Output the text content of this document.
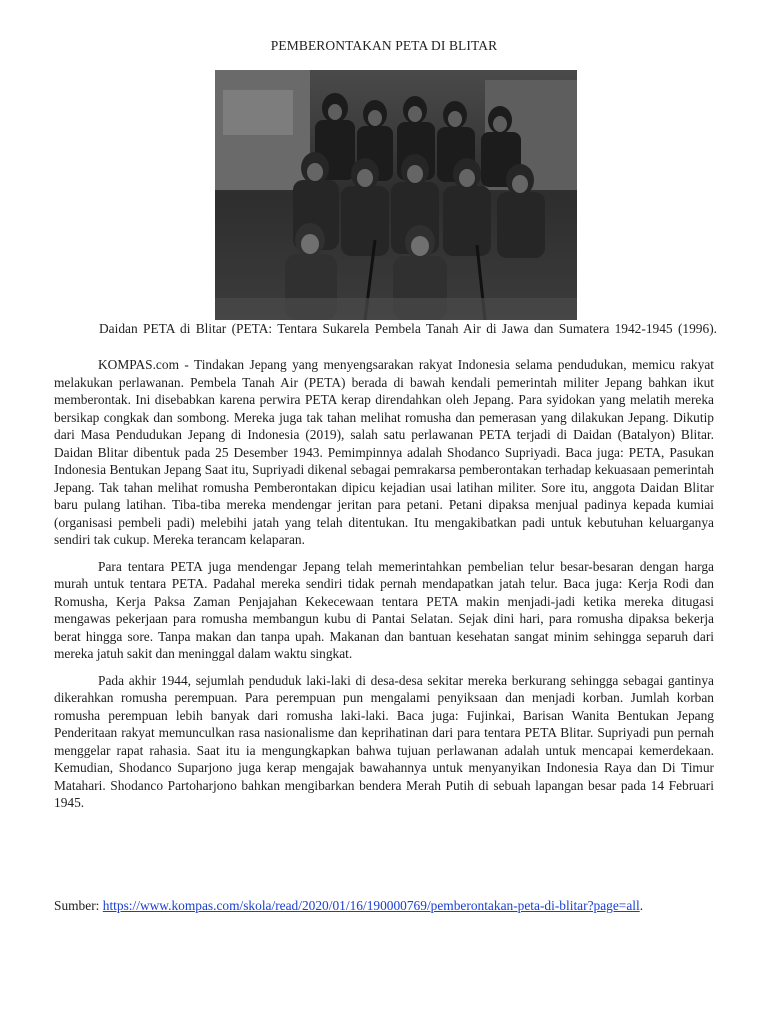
PEMBERONTAKAN PETA DI BLITAR
Daidan PETA di Blitar (PETA: Tentara Sukarela Pembela Tanah Air di Jawa dan Sumatera 1942-1945 (1996).

KOMPAS.com - Tindakan Jepang yang menyengsarakan rakyat Indonesia selama pendudukan, memicu rakyat melakukan perlawanan. Pembela Tanah Air (PETA) berada di bawah kendali pemerintah militer Jepang bahkan ikut memberontak. Ini disebabkan karena perwira PETA kerap direndahkan oleh Jepang. Para syidokan yang melatih mereka bersikap congkak dan sombong. Mereka juga tak tahan melihat romusha dan pemerasan yang dilakukan Jepang. Dikutip dari Masa Pendudukan Jepang di Indonesia (2019), salah satu perlawanan PETA terjadi di Daidan (Batalyon) Blitar. Daidan Blitar dibentuk pada 25 Desember 1943. Pemimpinnya adalah Shodanco Supriyadi. Baca juga: PETA, Pasukan Indonesia Bentukan Jepang Saat itu, Supriyadi dikenal sebagai pemrakarsa pemberontakan terhadap kekuasaan pemerintah Jepang. Tak tahan melihat romusha Pemberontakan dipicu kejadian usai latihan militer. Sore itu, anggota Daidan Blitar baru pulang latihan. Tiba-tiba mereka mendengar jeritan para petani. Petani dipaksa menjual padinya kepada kumiai (organisasi pembeli padi) melebihi jatah yang telah ditentukan. Itu mengakibatkan padi untuk kebutuhan keluarganya sendiri tak cukup. Mereka terancam kelaparan.

Para tentara PETA juga mendengar Jepang telah memerintahkan pembelian telur besar-besaran dengan harga murah untuk tentara PETA. Padahal mereka sendiri tidak pernah mendapatkan jatah telur. Baca juga: Kerja Rodi dan Romusha, Kerja Paksa Zaman Penjajahan Kekecewaan tentara PETA makin menjadi-jadi ketika mereka ditugasi mengawas pekerjaan para romusha membangun kubu di Pantai Selatan. Sejak dini hari, para romusha dipaksa bekerja berat hingga sore. Tanpa makan dan tanpa upah. Makanan dan bantuan kesehatan sangat minim sehingga separuh dari mereka jatuh sakit dan meninggal dalam waktu singkat.

Pada akhir 1944, sejumlah penduduk laki-laki di desa-desa sekitar mereka berkurang sehingga sebagai gantinya dikerahkan romusha perempuan. Para perempuan pun mengalami penyiksaan dan menjadi korban. Jumlah korban romusha perempuan lebih banyak dari romusha laki-laki. Baca juga: Fujinkai, Barisan Wanita Bentukan Jepang Penderitaan rakyat memunculkan rasa nasionalisme dan keprihatinan dari para tentara PETA Blitar. Supriyadi pun pernah menggelar rapat rahasia. Saat itu ia mengungkapkan bahwa tujuan perlawanan adalah untuk mencapai kemerdekaan. Kemudian, Shodanco Suparjono juga kerap mengajak bawahannya untuk menyanyikan Indonesia Raya dan Di Timur Matahari. Shodanco Partoharjono bahkan mengibarkan bendera Merah Putih di sebuah lapangan besar pada 14 Februari 1945.

Sumber: https://www.kompas.com/skola/read/2020/01/16/190000769/pemberontakan-peta-di-blitar?page=all.
